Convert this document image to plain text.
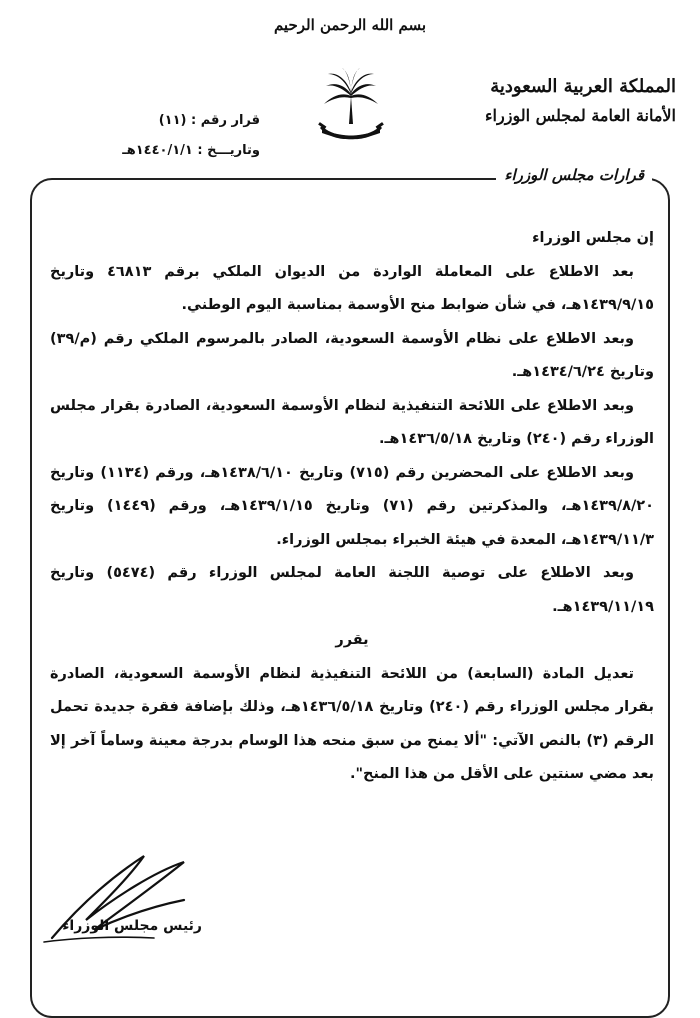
بسم الله الرحمن الرحيم
المملكة العربية السعودية
الأمانة العامة لمجلس الوزراء
قرار رقم : (١١)
وتاريـــخ : ١٤٤٠/١/١هـ
قرارات مجلس الوزراء

إن مجلس الوزراء

بعد الاطلاع على المعاملة الواردة من الديوان الملكي برقم ٤٦٨١٣ وتاريخ ١٤٣٩/٩/١٥هـ، في شأن ضوابط منح الأوسمة بمناسبة اليوم الوطني.

وبعد الاطلاع على نظام الأوسمة السعودية، الصادر بالمرسوم الملكي رقم (م/٣٩) وتاريخ ١٤٣٤/٦/٢٤هـ.

وبعد الاطلاع على اللائحة التنفيذية لنظام الأوسمة السعودية، الصادرة بقرار مجلس الوزراء رقم (٢٤٠) وتاريخ ١٤٣٦/٥/١٨هـ.

وبعد الاطلاع على المحضرين رقم (٧١٥) وتاريخ ١٤٣٨/٦/١٠هـ، ورقم (١١٣٤) وتاريخ ١٤٣٩/٨/٢٠هـ، والمذكرتين رقم (٧١) وتاريخ ١٤٣٩/١/١٥هـ، ورقم (١٤٤٩) وتاريخ ١٤٣٩/١١/٣هـ، المعدة في هيئة الخبراء بمجلس الوزراء.

وبعد الاطلاع على توصية اللجنة العامة لمجلس الوزراء رقم (٥٤٧٤) وتاريخ ١٤٣٩/١١/١٩هـ.

يقرر

تعديل المادة (السابعة) من اللائحة التنفيذية لنظام الأوسمة السعودية، الصادرة بقرار مجلس الوزراء رقم (٢٤٠) وتاريخ ١٤٣٦/٥/١٨هـ، وذلك بإضافة فقرة جديدة تحمل الرقم (٣) بالنص الآتي: "ألا يمنح من سبق منحه هذا الوسام بدرجة معينة وساماً آخر إلا بعد مضي سنتين على الأقل من هذا المنح".

رئيس مجلس الوزراء
